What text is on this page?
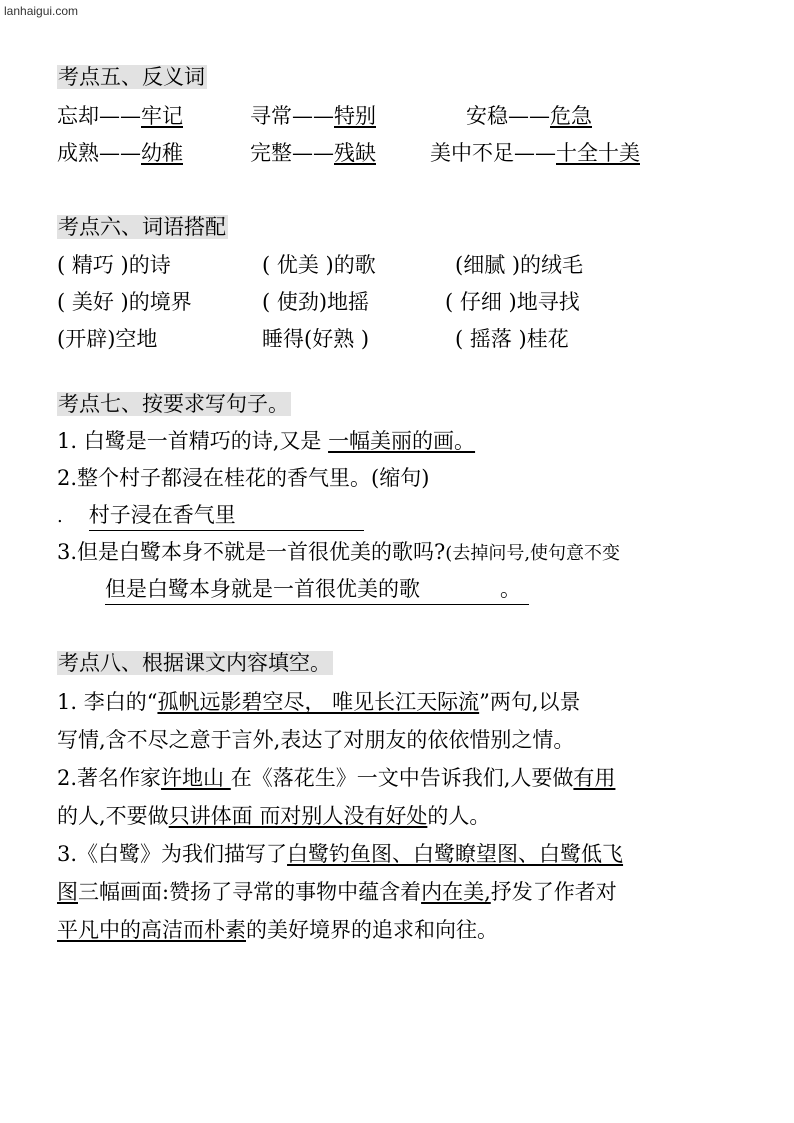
lanhaigui.com
考点五、反义词
忘却——牢记	寻常——特别	安稳——危急
成熟——幼稚	完整——残缺	美中不足——十全十美
考点六、词语搭配
( 精巧 )的诗	( 优美 )的歌	(细腻 )的绒毛
( 美好 )的境界	( 使劲)地摇	( 仔细 )地寻找
(开辟)空地	睡得(好熟 )	( 摇落 )桂花
考点七、按要求写句子。
1. 白鹭是一首精巧的诗,又是 一幅美丽的画。
2.整个村子都浸在桂花的香气里。(缩句)
. 村子浸在香气里
3.但是白鹭本身不就是一首很优美的歌吗?(去掉问号,使句意不变
但是白鹭本身就是一首很优美的歌	。
考点八、根据课文内容填空。
1. 李白的“孤帆远影碧空尽， 唯见长江天际流”两句,以景
写情,含不尽之意于言外,表达了对朋友的依依惜别之情。
2.著名作家许地山 在《落花生》一文中告诉我们,人要做有用
的人,不要做只讲体面 而对别人没有好处的人。
3.《白鹭》为我们描写了白鹭钓鱼图、白鹭瞭望图、白鹭低飞
图三幅画面:赞扬了寻常的事物中蕴含着内在美,抒发了作者对
平凡中的高洁而朴素的美好境界的追求和向往。
